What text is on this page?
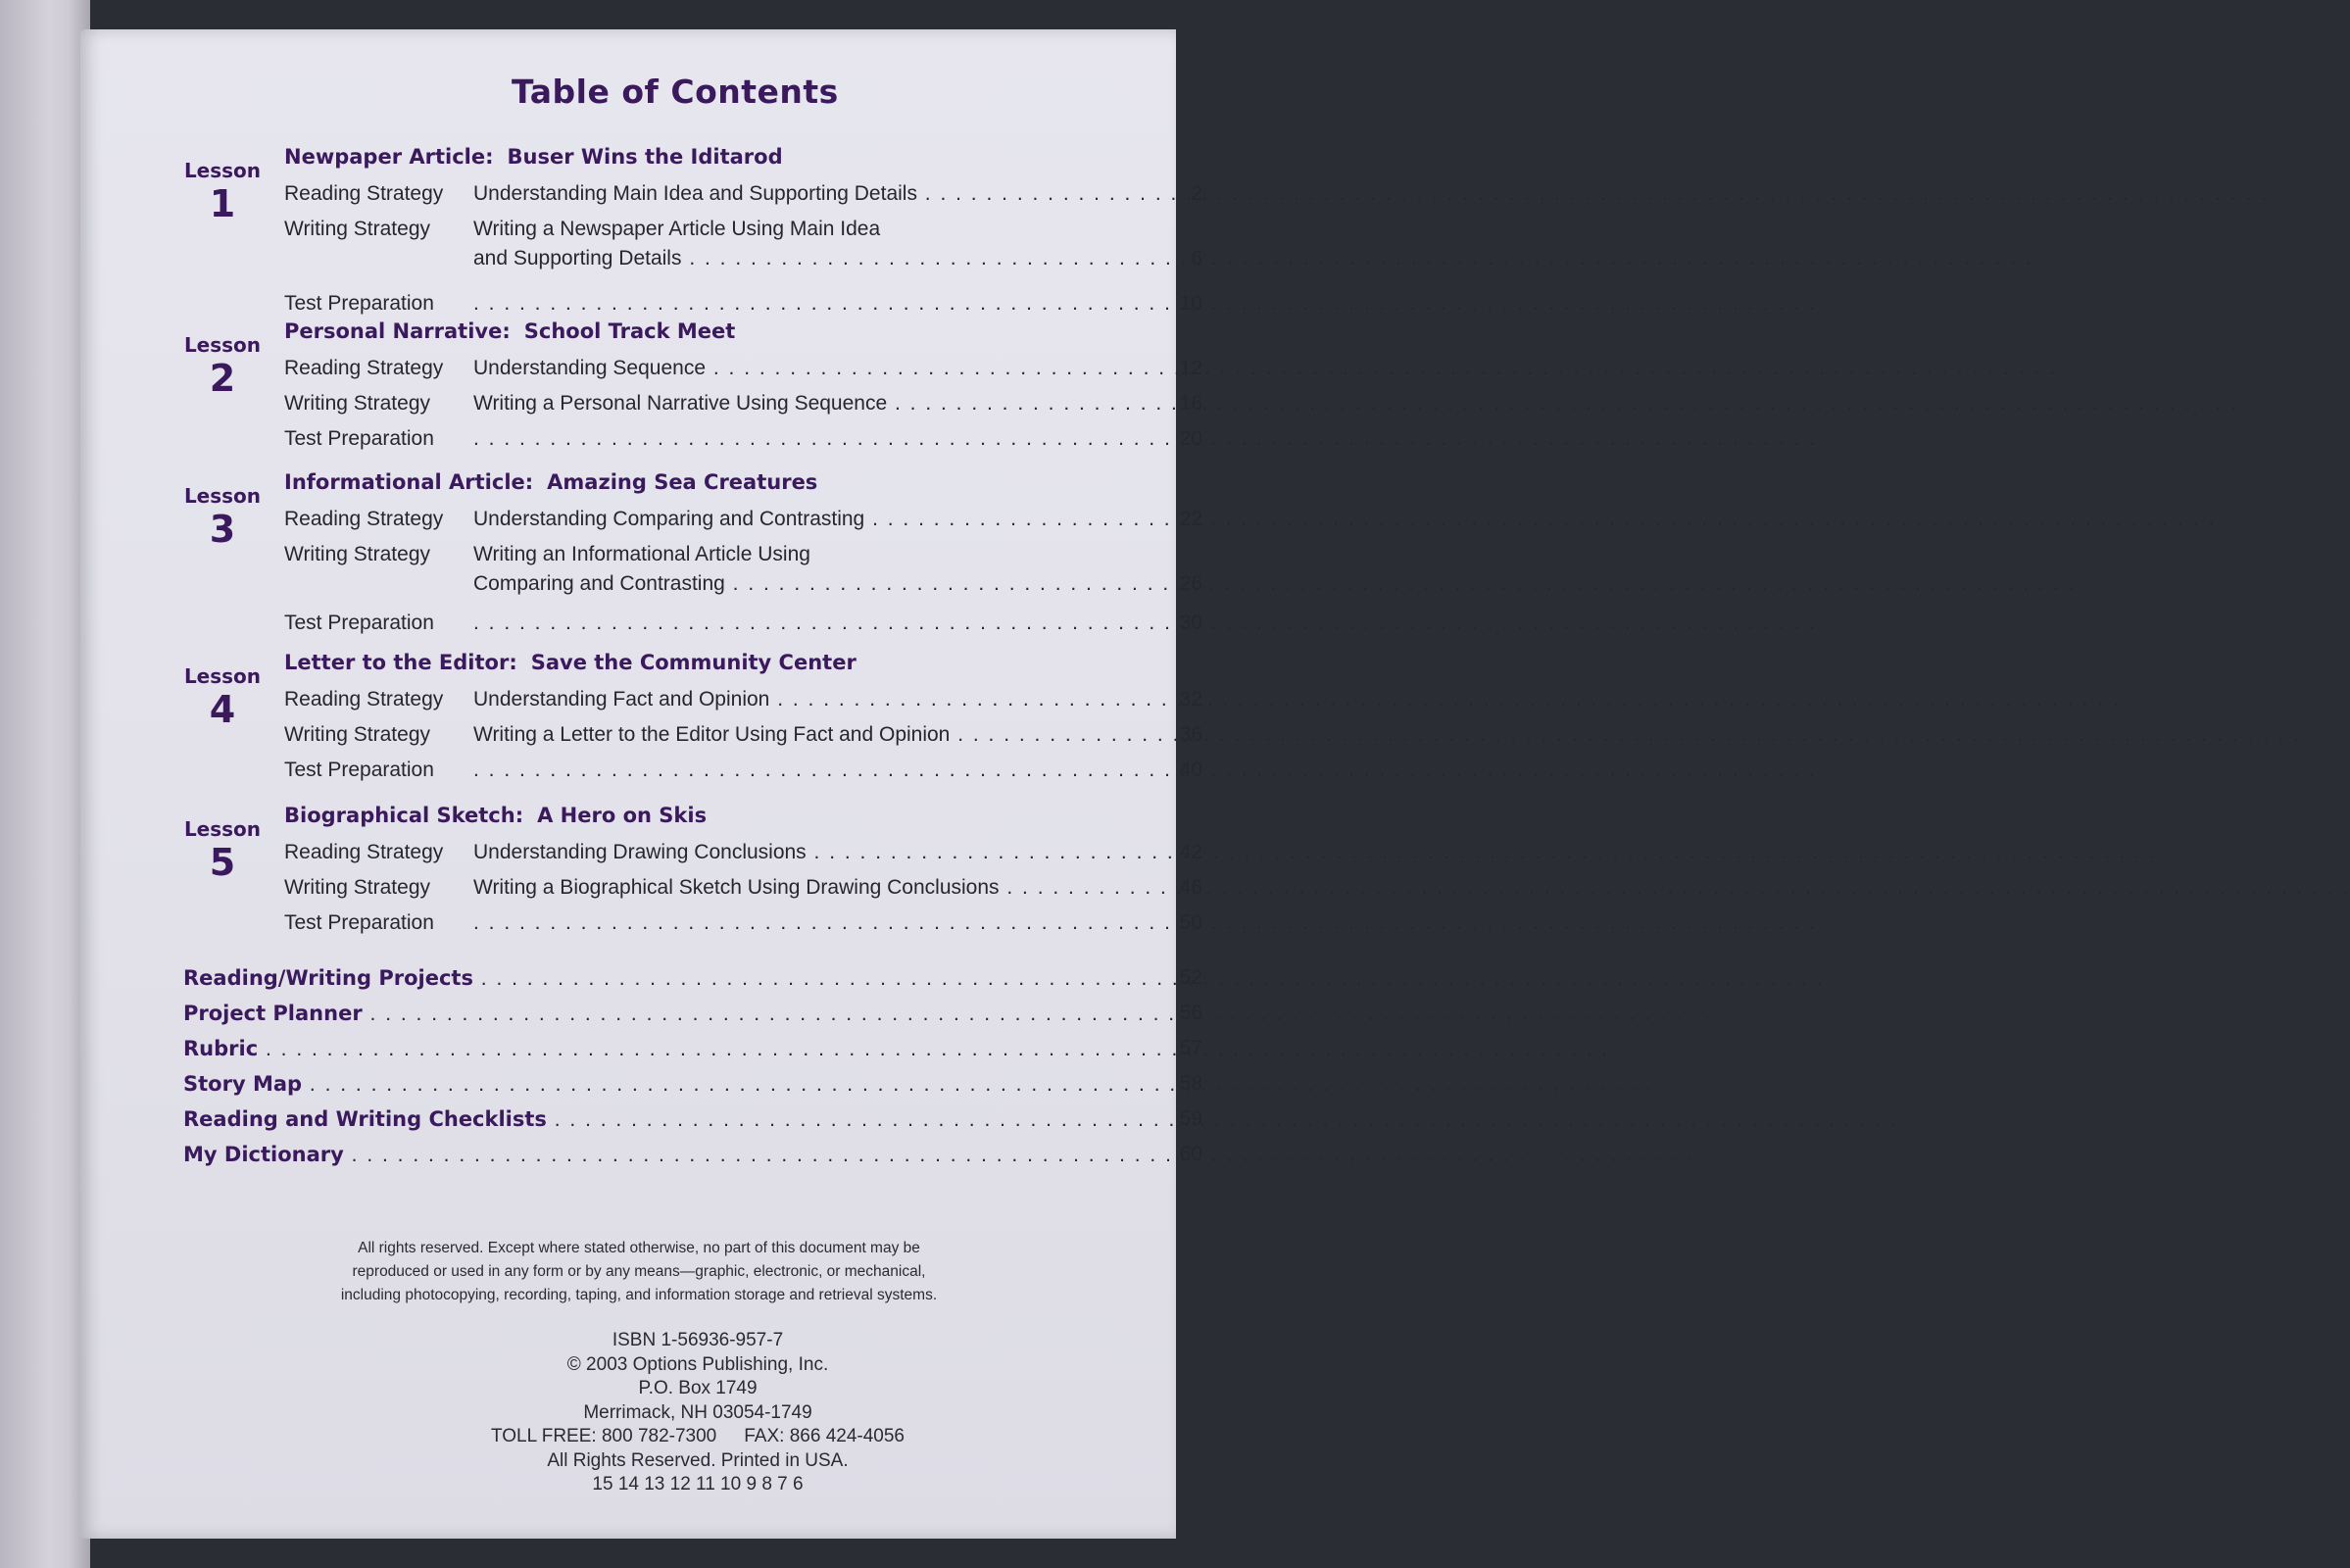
Table of Contents
Lesson
1
Newpaper Article: Buser Wins the Iditarod
Reading Strategy Understanding Main Idea and Supporting Details . . .	2
Writing Strategy Writing a Newspaper Article Using Main Idea
and Supporting Details . . .	6
Test Preparation . . .	10
Lesson
2
Personal Narrative: School Track Meet
Reading Strategy Understanding Sequence . . .	12
Writing Strategy Writing a Personal Narrative Using Sequence . . .	16
Test Preparation . . .	20
Lesson
3
Informational Article: Amazing Sea Creatures
Reading Strategy Understanding Comparing and Contrasting . . .	22
Writing Strategy Writing an Informational Article Using
Comparing and Contrasting . . .	26
Test Preparation . . .	30
Lesson
4
Letter to the Editor: Save the Community Center
Reading Strategy Understanding Fact and Opinion . . .	32
Writing Strategy Writing a Letter to the Editor Using Fact and Opinion . . .	36
Test Preparation . . .	40
Lesson
5
Biographical Sketch: A Hero on Skis
Reading Strategy Understanding Drawing Conclusions . . .	42
Writing Strategy Writing a Biographical Sketch Using Drawing Conclusions . . .	46
Test Preparation . . .	50
Reading/Writing Projects . . .	52
Project Planner . . .	56
Rubric . . .	57
Story Map . . .	58
Reading and Writing Checklists . . .	59
My Dictionary . . .	60
All rights reserved. Except where stated otherwise, no part of this document may be
reproduced or used in any form or by any means—graphic, electronic, or mechanical,
including photocopying, recording, taping, and information storage and retrieval systems.
ISBN 1-56936-957-7
© 2003 Options Publishing, Inc.
P.O. Box 1749
Merrimack, NH 03054-1749
TOLL FREE: 800 782-7300 FAX: 866 424-4056
All Rights Reserved. Printed in USA.
15 14 13 12 11 10 9 8 7 6
